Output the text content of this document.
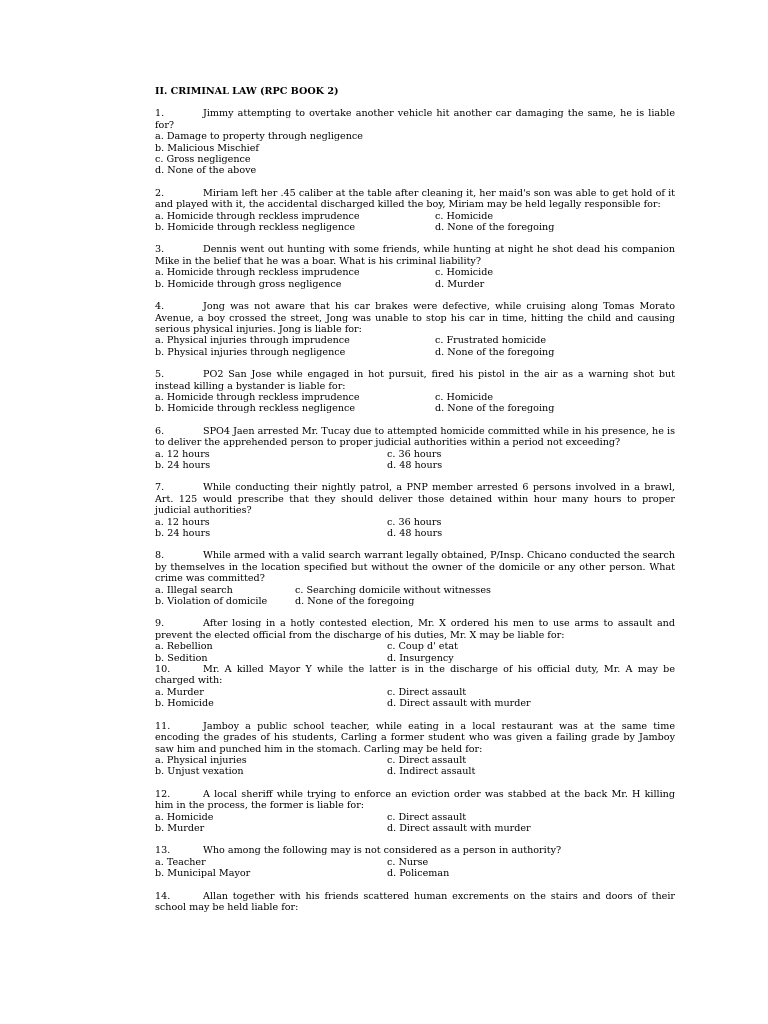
II. CRIMINAL LAW (RPC BOOK 2)
1.	Jimmy attempting to overtake another vehicle hit another car damaging the same, he is liable for?
a. Damage to property through negligence
b. Malicious Mischief
c. Gross negligence
d. None of the above
2.	Miriam left her .45 caliber at the table after cleaning it, her maid's son was able to get hold of it and played with it, the accidental discharged killed the boy, Miriam may be held legally responsible for:
a. Homicide through reckless imprudence	c. Homicide
b. Homicide through reckless negligence	d. None of the foregoing
3.	Dennis went out hunting with some friends, while hunting at night he shot dead his companion Mike in the belief that he was a boar. What is his criminal liability?
a. Homicide through reckless imprudence	c. Homicide
b. Homicide through gross negligence	d. Murder
4.	Jong was not aware that his car brakes were defective, while cruising along Tomas Morato Avenue, a boy crossed the street, Jong was unable to stop his car in time, hitting the child and causing serious physical injuries. Jong is liable for:
a. Physical injuries through imprudence	c. Frustrated homicide
b. Physical injuries through negligence	d. None of the foregoing
5.	PO2 San Jose while engaged in hot pursuit, fired his pistol in the air as a warning shot but instead killing a bystander is liable for:
a. Homicide through reckless imprudence	c. Homicide
b. Homicide through reckless negligence	d. None of the foregoing
6.	SPO4 Jaen arrested Mr. Tucay due to attempted homicide committed while in his presence, he is to deliver the apprehended person to proper judicial authorities within a period not exceeding?
a. 12 hours	c. 36 hours
b. 24 hours	d. 48 hours
7.	While conducting their nightly patrol, a PNP member arrested 6 persons involved in a brawl, Art. 125 would prescribe that they should deliver those detained within hour many hours to proper judicial authorities?
a. 12 hours	c. 36 hours
b. 24 hours	d. 48 hours
8.	While armed with a valid search warrant legally obtained, P/Insp. Chicano conducted the search by themselves in the location specified but without the owner of the domicile or any other person. What crime was committed?
a. Illegal search	c. Searching domicile without witnesses
b. Violation of domicile	d. None of the foregoing
9.	After losing in a hotly contested election, Mr. X ordered his men to use arms to assault and prevent the elected official from the discharge of his duties, Mr. X may be liable for:
a. Rebellion	c. Coup d' etat
b. Sedition	d. Insurgency
10.	Mr. A killed Mayor Y while the latter is in the discharge of his official duty, Mr. A may be charged with:
a. Murder	c. Direct assault
b. Homicide	d. Direct assault with murder
11.	Jamboy a public school teacher, while eating in a local restaurant was at the same time encoding the grades of his students, Carling a former student who was given a failing grade by Jamboy saw him and punched him in the stomach. Carling may be held for:
a. Physical injuries	c. Direct assault
b. Unjust vexation	d. Indirect assault
12.	A local sheriff while trying to enforce an eviction order was stabbed at the back Mr. H killing him in the process, the former is liable for:
a. Homicide	c. Direct assault
b. Murder	d. Direct assault with murder
13.	Who among the following may is not considered as a person in authority?
a. Teacher	c. Nurse
b. Municipal Mayor	d. Policeman
14.	Allan together with his friends scattered human excrements on the stairs and doors of their school may be held liable for:
